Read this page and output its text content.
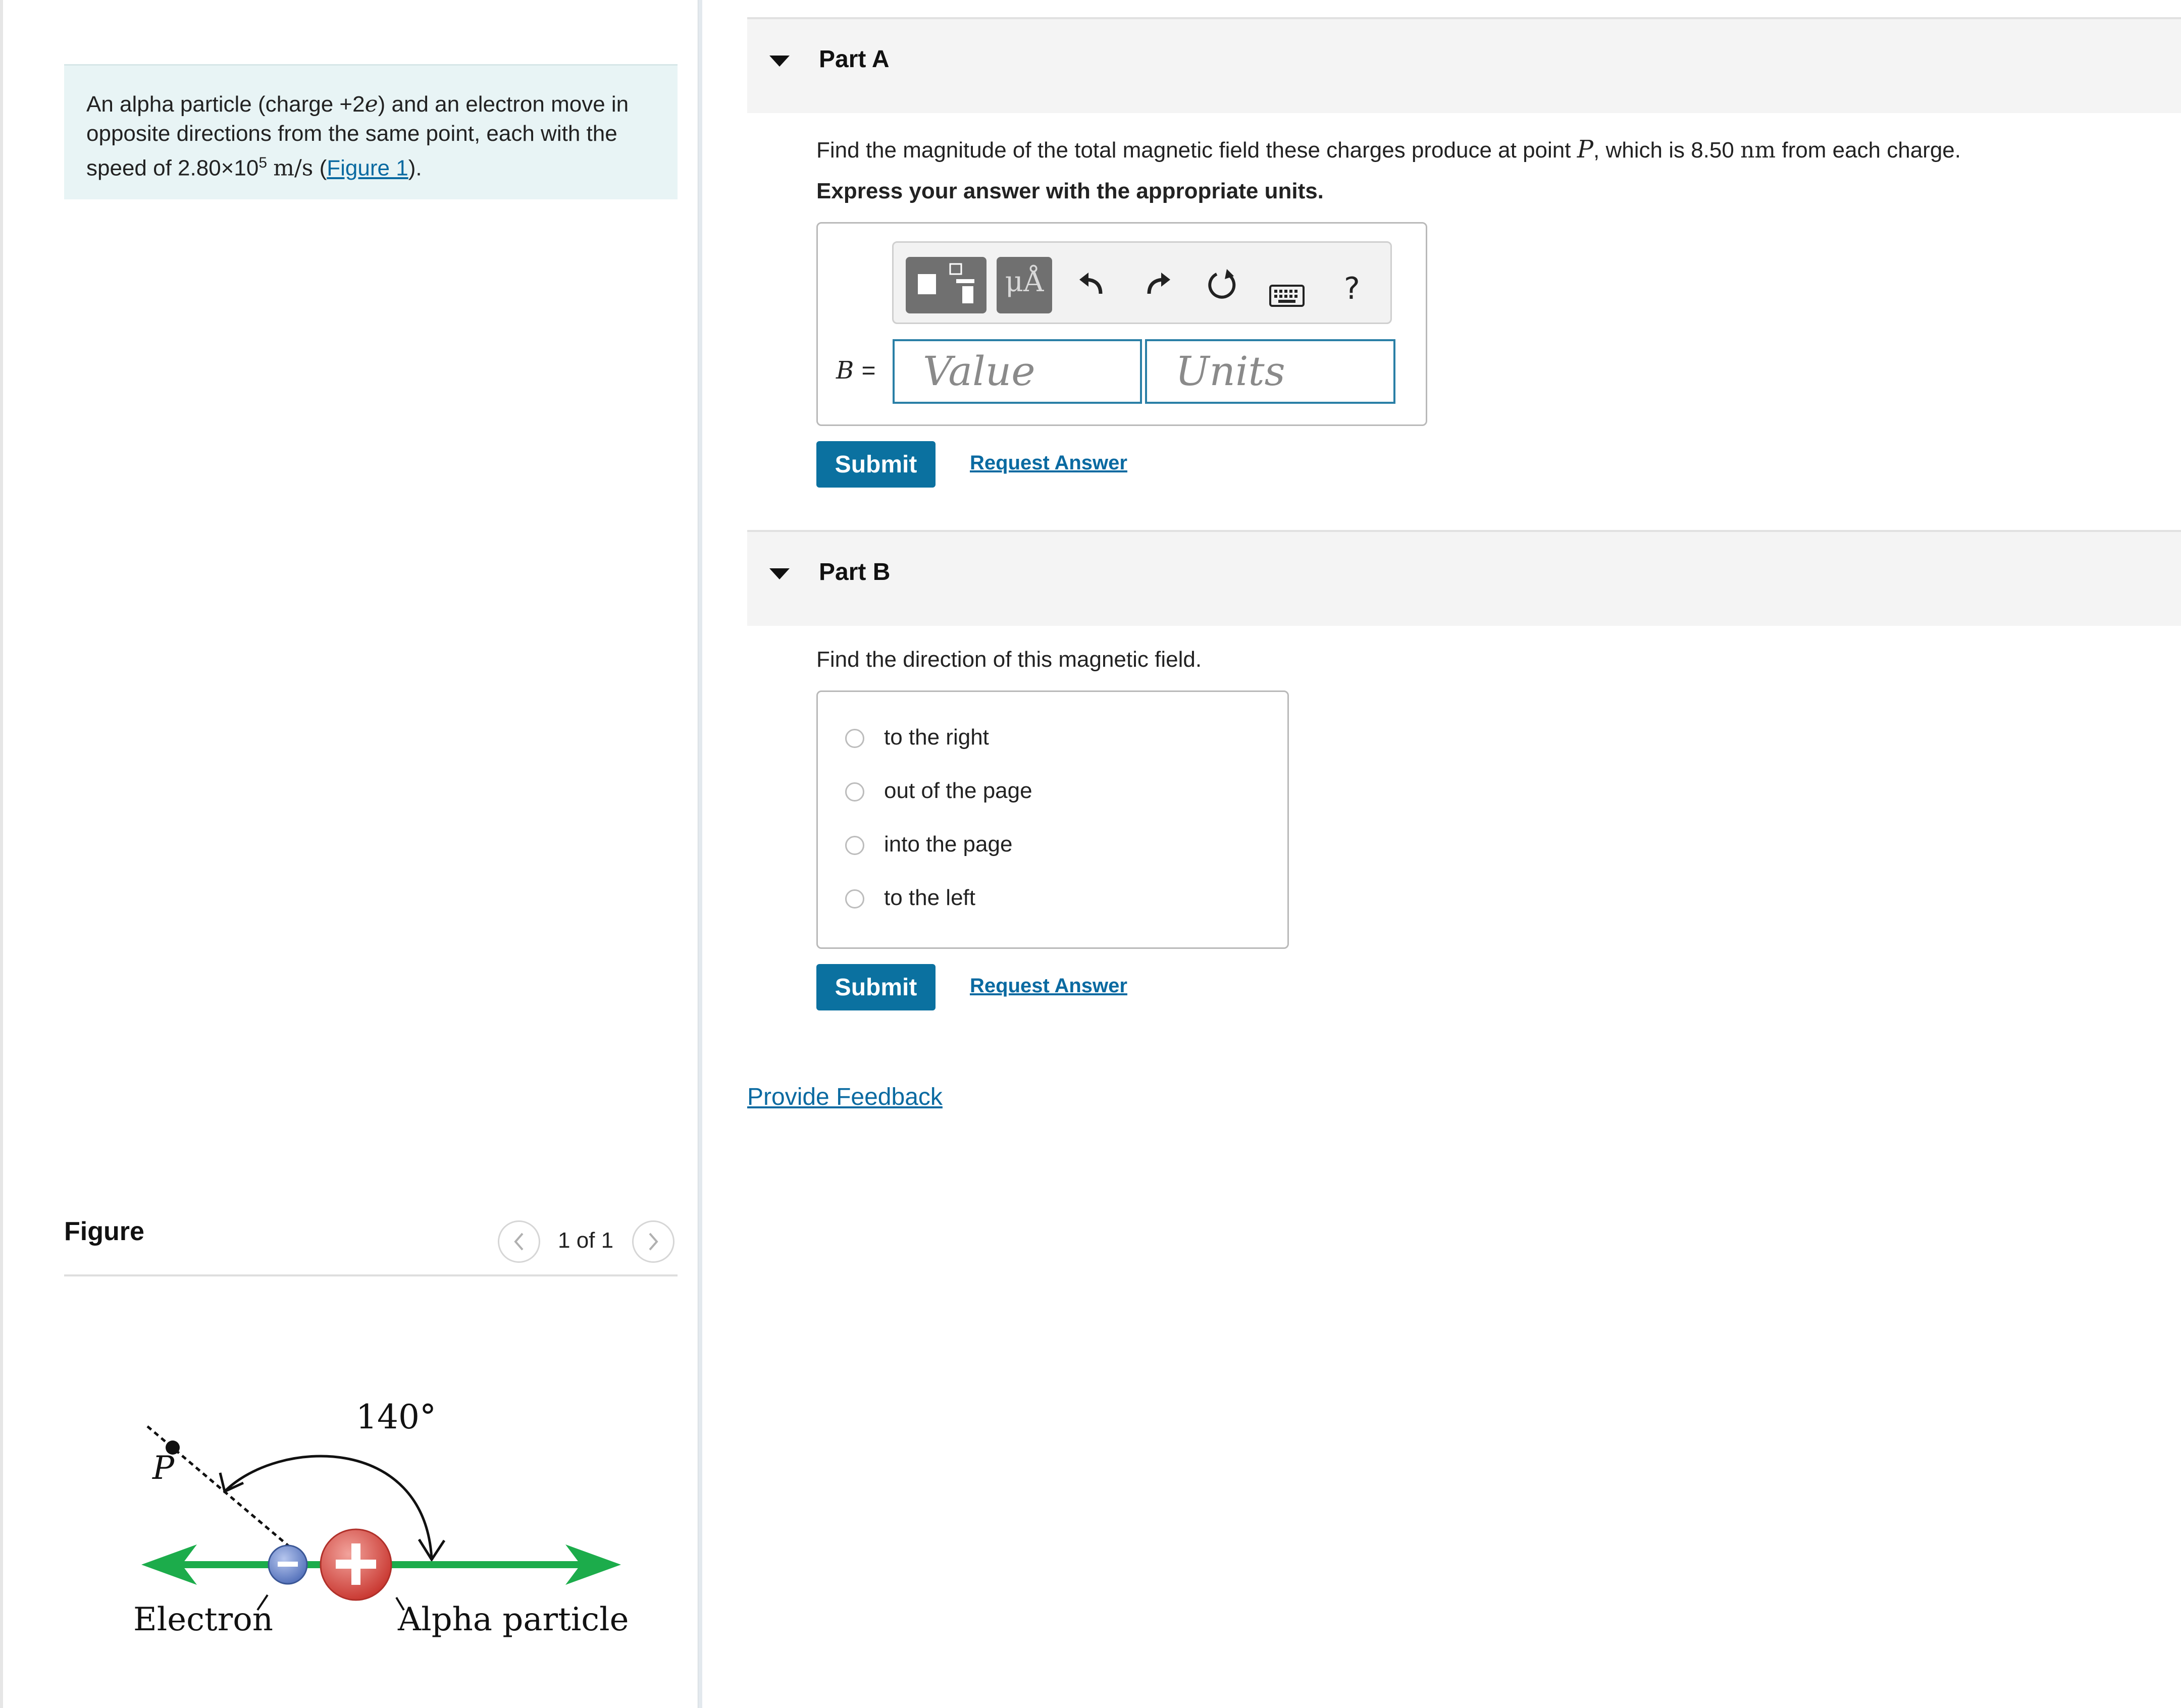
An alpha particle (charge +2e) and an electron move in
opposite directions from the same point, each with the
speed of $2.80\times 10^5$ m/s (Figure 1).
Figure	1 of 1
P
140°
Electron	Alpha particle
Part A
Find the magnitude of the total magnetic field these charges produce at point P, which is 8.50 nm from each charge.
Express your answer with the appropriate units.
μÅ	?
B =	Value	Units
Submit	Request Answer
Part B
Find the direction of this magnetic field.
to the right
out of the page
into the page
to the left
Submit	Request Answer
Provide Feedback
